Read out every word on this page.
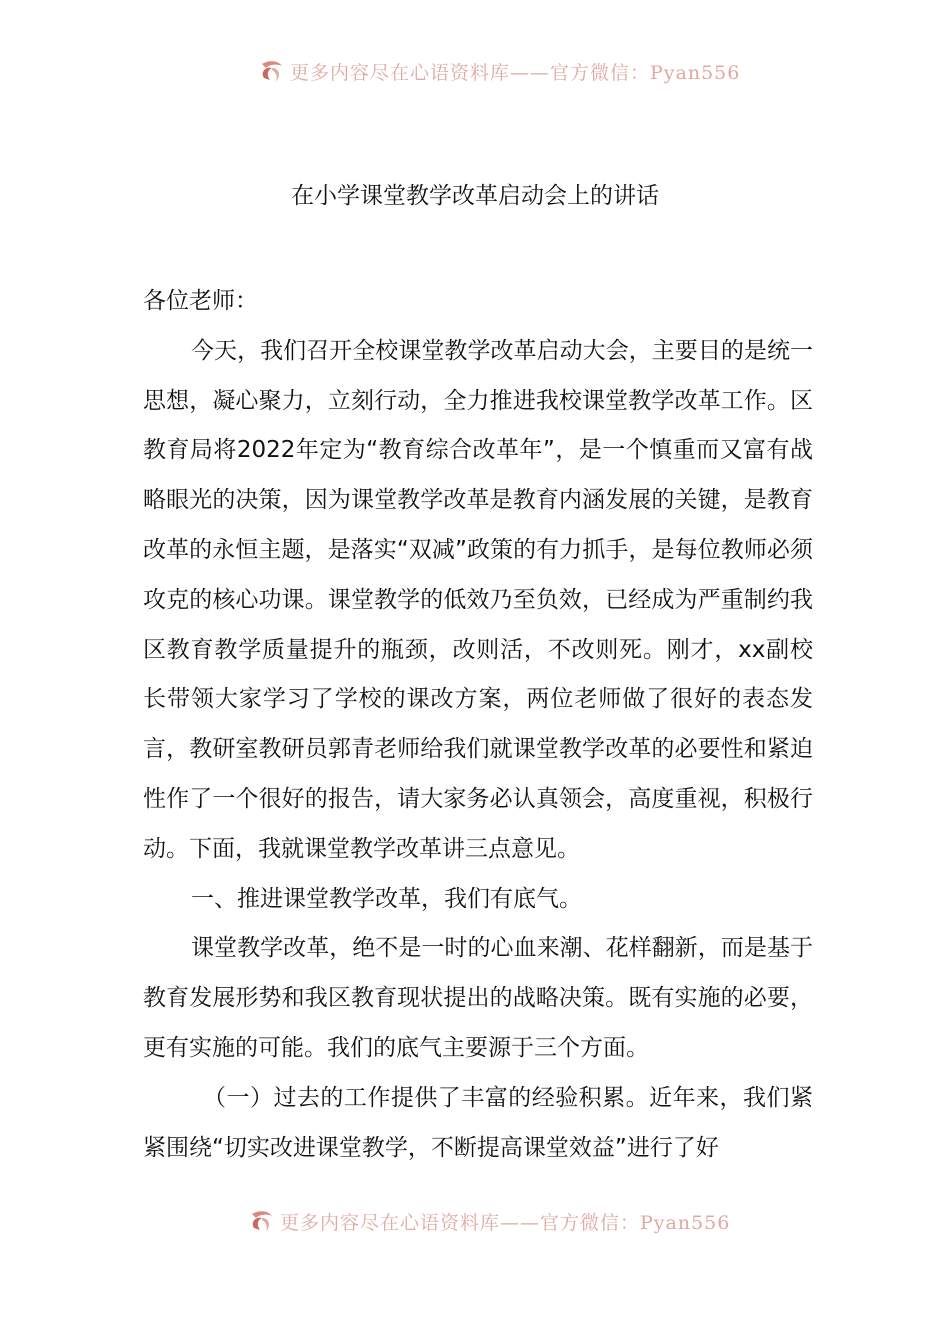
更多内容尽在心语资料库——官方微信：Pyan556
在小学课堂教学改革启动会上的讲话

各位老师：

今天，我们召开全校课堂教学改革启动大会，主要目的是统一思想，凝心聚力，立刻行动，全力推进我校课堂教学改革工作。区教育局将2022年定为“教育综合改革年”，是一个慎重而又富有战略眼光的决策，因为课堂教学改革是教育内涵发展的关键，是教育改革的永恒主题，是落实“双减”政策的有力抓手，是每位教师必须攻克的核心功课。课堂教学的低效乃至负效，已经成为严重制约我区教育教学质量提升的瓶颈，改则活，不改则死。刚才，xx副校长带领大家学习了学校的课改方案，两位老师做了很好的表态发言，教研室教研员郭青老师给我们就课堂教学改革的必要性和紧迫性作了一个很好的报告，请大家务必认真领会，高度重视，积极行动。下面，我就课堂教学改革讲三点意见。

一、推进课堂教学改革，我们有底气。

课堂教学改革，绝不是一时的心血来潮、花样翻新，而是基于教育发展形势和我区教育现状提出的战略决策。既有实施的必要，更有实施的可能。我们的底气主要源于三个方面。

（一）过去的工作提供了丰富的经验积累。近年来，我们紧紧围绕“切实改进课堂教学，不断提高课堂效益”进行了好

更多内容尽在心语资料库——官方微信：Pyan556
